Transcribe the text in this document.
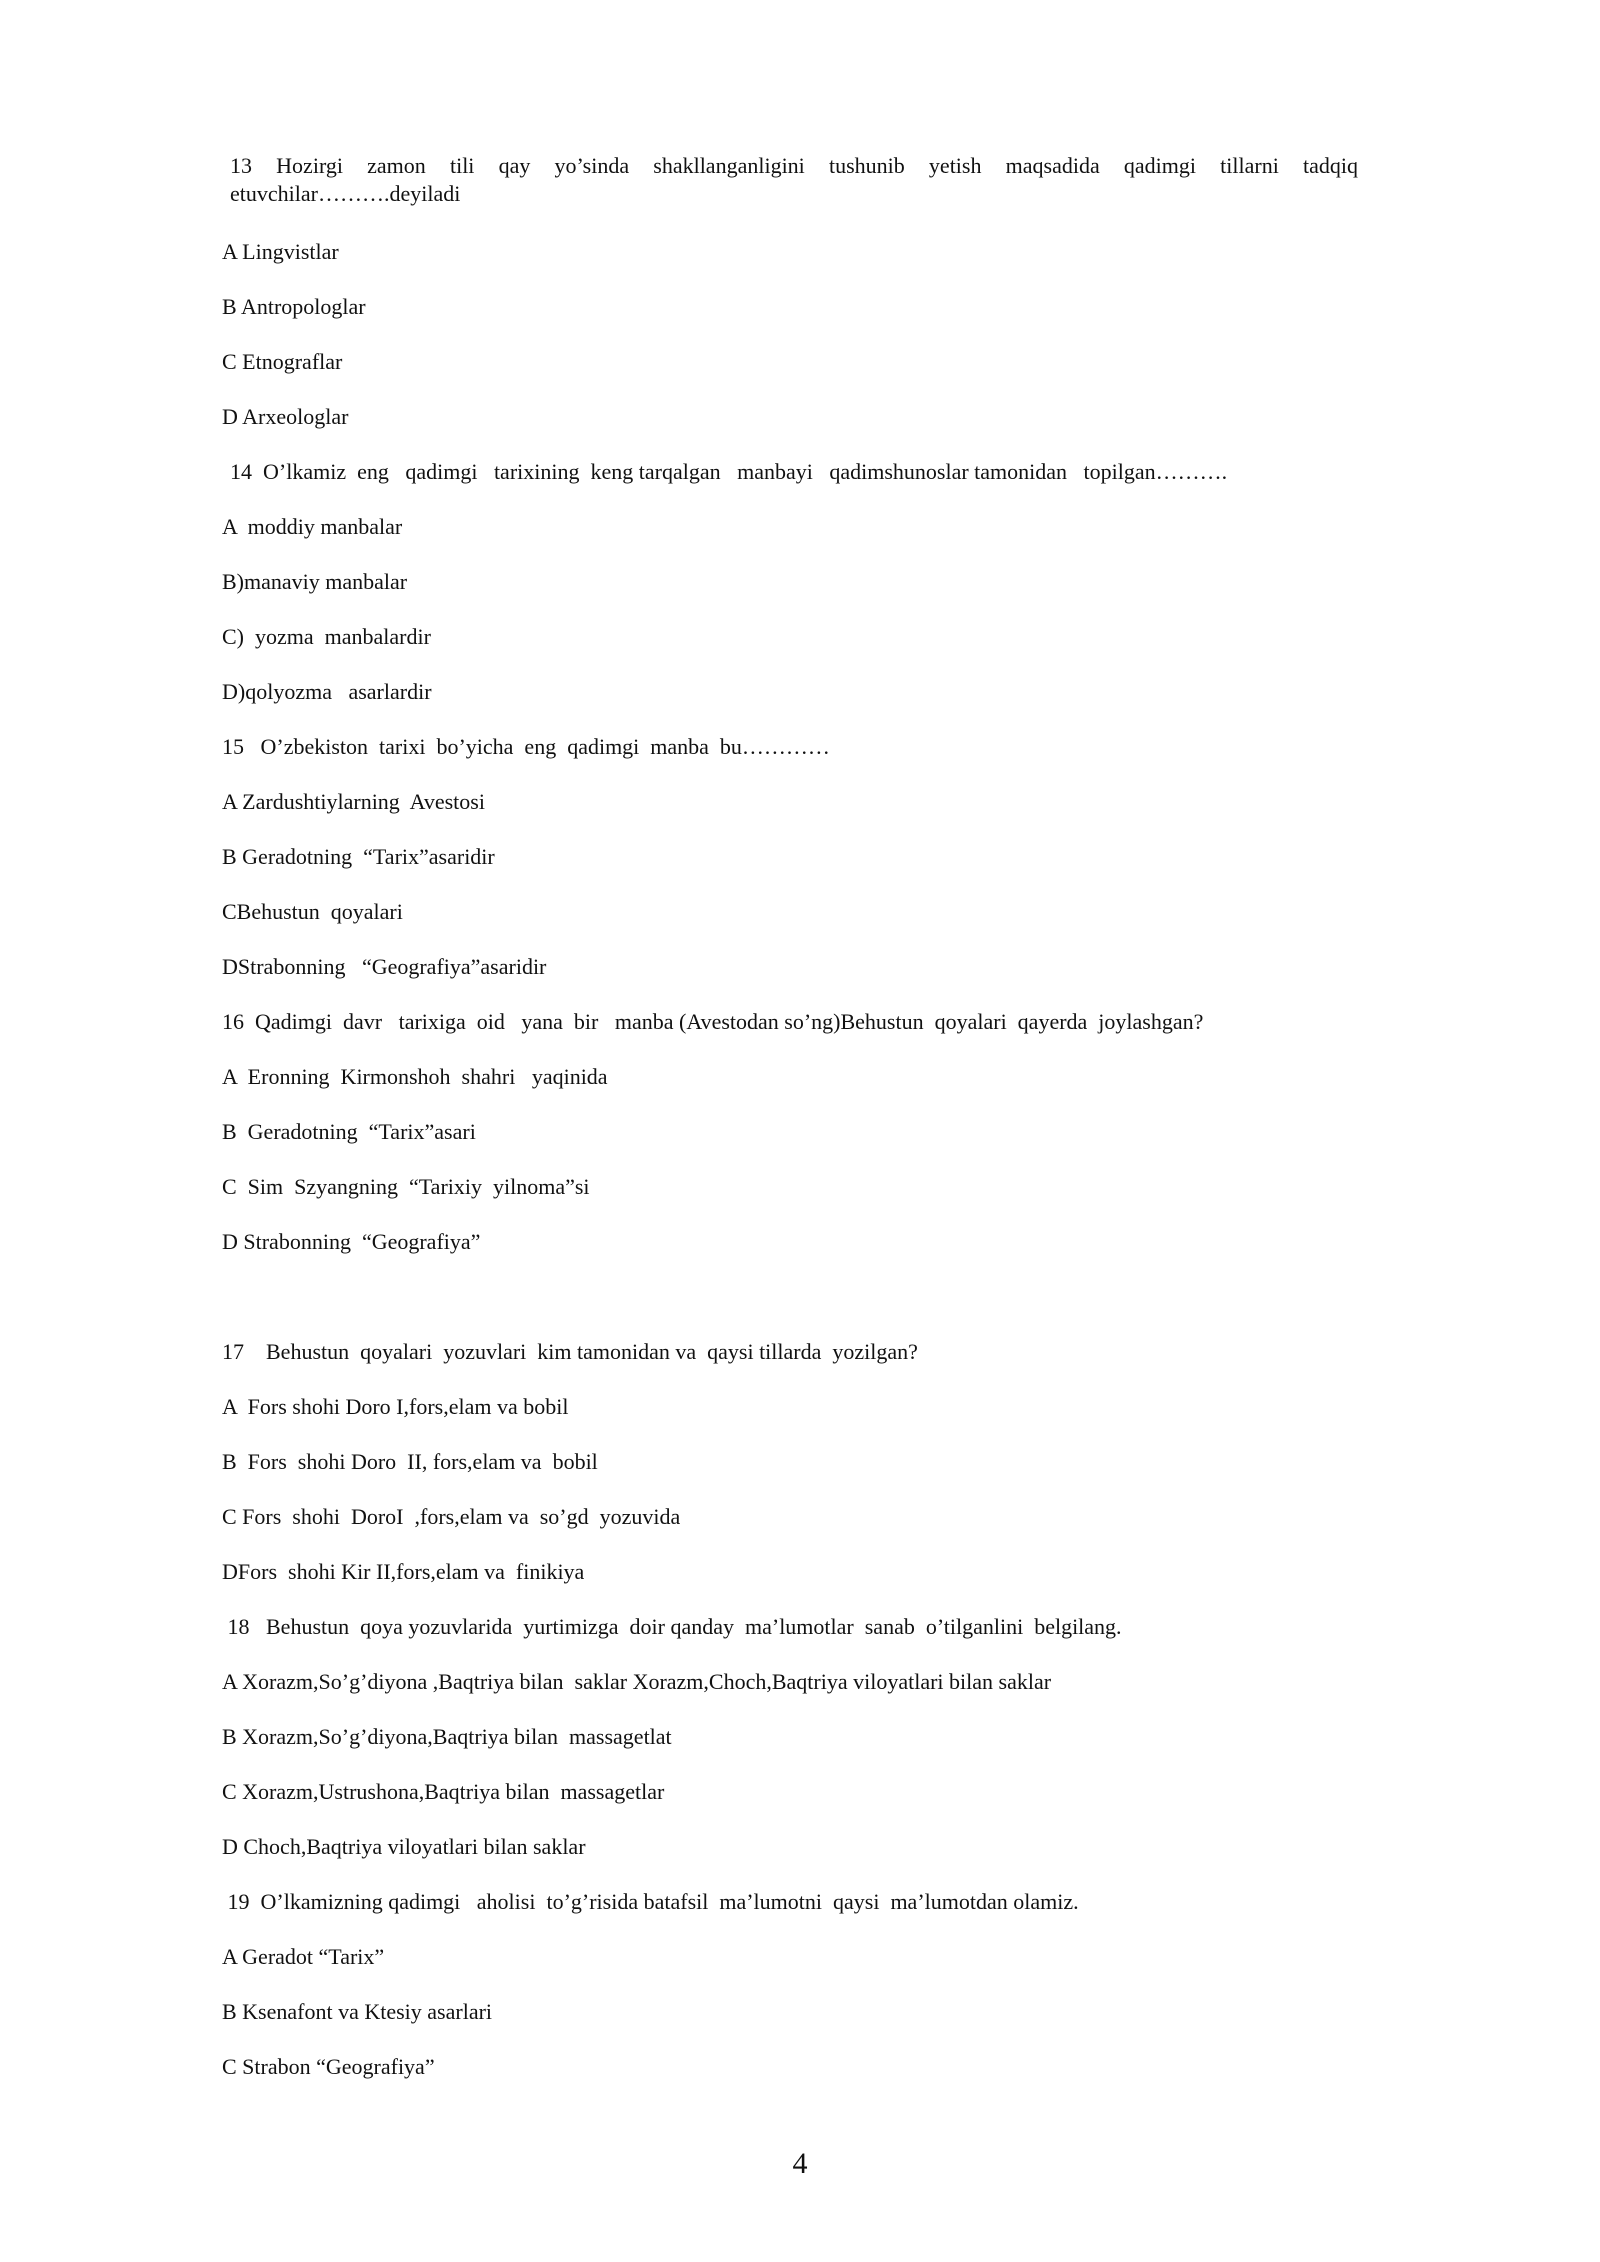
13 Hozirgi zamon tili qay yo’sinda shakllanganligini tushunib yetish maqsadida qadimgi tillarni tadqiq etuvchilar……….deyiladi
A Lingvistlar
B Antropologlar
C Etnograflar
D Arxeologlar
14  O’lkamiz  eng   qadimgi   tarixining  keng tarqalgan   manbayi   qadimshunoslar tamonidan   topilgan……….
A  moddiy manbalar
B)manaviy manbalar
C)  yozma  manbalardir
D)qolyozma   asarlardir
15   O’zbekiston  tarixi  bo’yicha  eng  qadimgi  manba  bu…………
A Zardushtiylarning  Avestosi
B Geradotning  “Tarix”asaridir
CBehustun  qoyalari
DStrabonning   “Geografiya”asaridir
16  Qadimgi  davr   tarixiga  oid   yana  bir   manba (Avestodan so’ng)Behustun  qoyalari  qayerda  joylashgan?
A  Eronning  Kirmonshoh  shahri   yaqinida
B  Geradotning  “Tarix”asari
C  Sim  Szyangning  “Tarixiy  yilnoma”si
D Strabonning  “Geografiya”
17    Behustun  qoyalari  yozuvlari  kim tamonidan va  qaysi tillarda  yozilgan?
A  Fors shohi Doro I,fors,elam va bobil
B  Fors  shohi Doro  II, fors,elam va  bobil
C Fors  shohi  DoroI  ,fors,elam va  so’gd  yozuvida
DFors  shohi Kir II,fors,elam va  finikiya
18   Behustun  qoya yozuvlarida  yurtimizga  doir qanday  ma’lumotlar  sanab  o’tilganlini  belgilang.
A Xorazm,So’g’diyona ,Baqtriya bilan  saklar Xorazm,Choch,Baqtriya viloyatlari bilan saklar
B Xorazm,So’g’diyona,Baqtriya bilan  massagetlat
C Xorazm,Ustrushona,Baqtriya bilan  massagetlar
D Choch,Baqtriya viloyatlari bilan saklar
19  O’lkamizning qadimgi   aholisi  to’g’risida batafsil  ma’lumotni  qaysi  ma’lumotdan olamiz.
A Geradot “Tarix”
B Ksenafont va Ktesiy asarlari
C Strabon “Geografiya”
4
